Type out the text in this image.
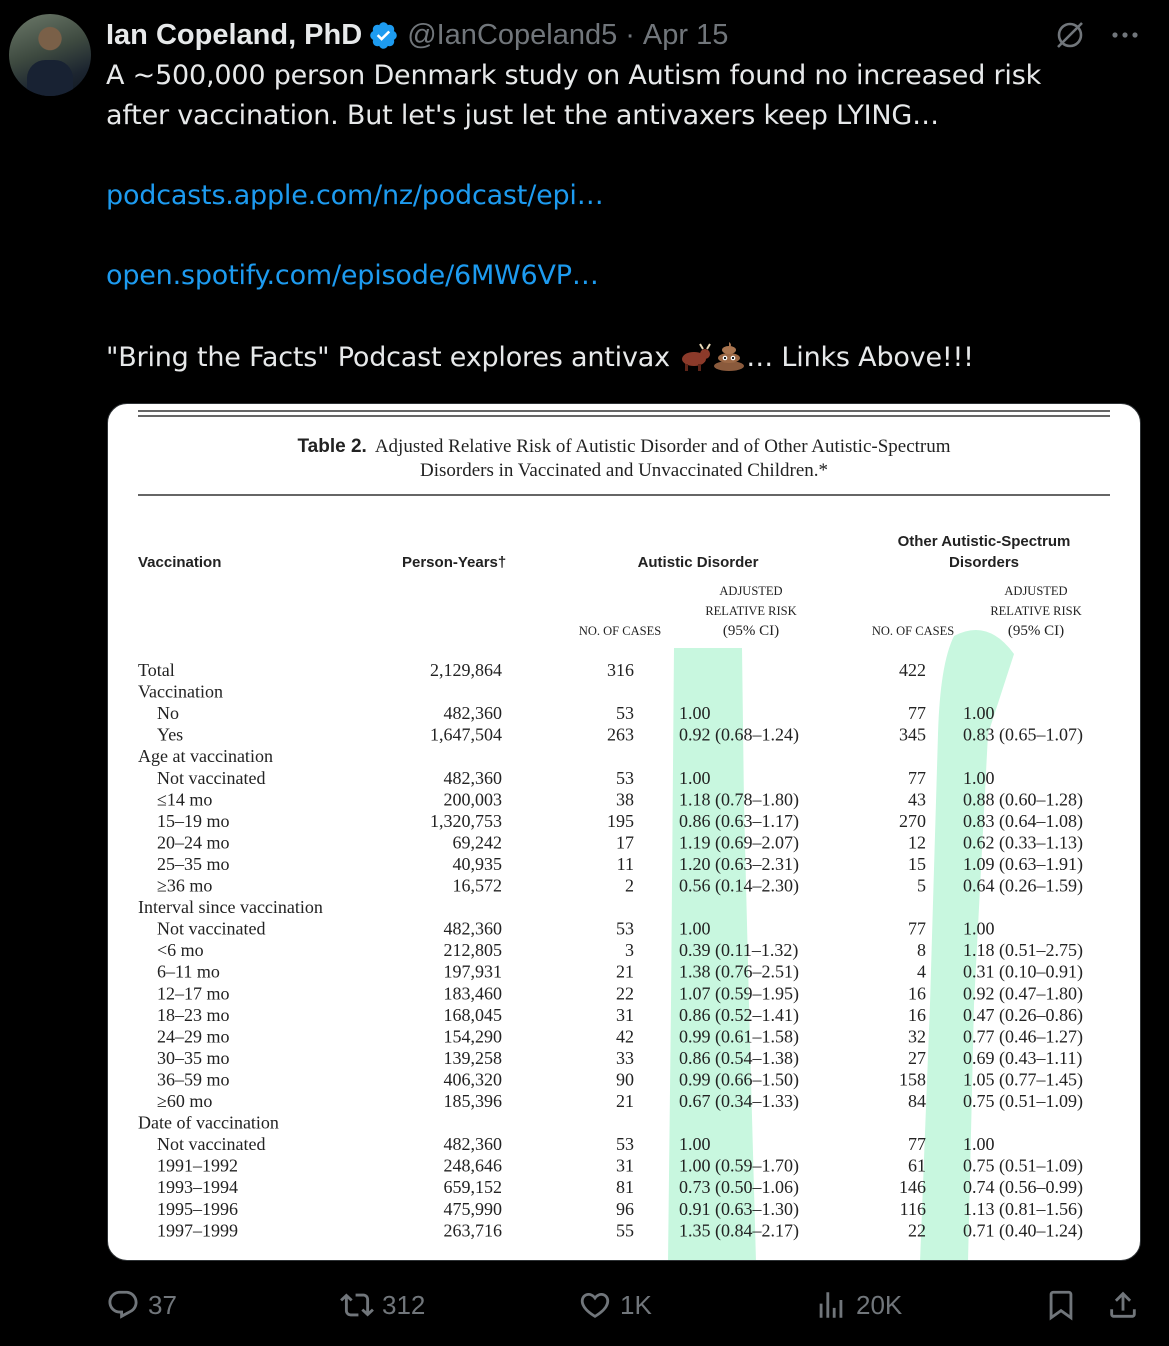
Ian Copeland, PhD @IanCopeland5 · Apr 15
A ~500,000 person Denmark study on Autism found no increased risk
after vaccination. But let's just let the antivaxers keep LYING…
podcasts.apple.com/nz/podcast/epi…
open.spotify.com/episode/6MW6VP…
"Bring the Facts" Podcast explores antivax	… Links Above!!!
Table 2. Adjusted Relative Risk of Autistic Disorder and of Other Autistic-Spectrum
Disorders in Vaccinated and Unvaccinated Children.*
Vaccination	Person-Years†	Autistic Disorder
Other Autistic-Spectrum
Disorders
ADJUSTED
RELATIVE RISK
(95% CI)
NO. OF CASES
ADJUSTED
RELATIVE RISK
(95% CI)
NO. OF CASES
Total	2,129,864	316	422
Vaccination
No	482,360	53	1.00	77 1.00
Yes	1,647,504	263	0.92 (0.68–1.24)	345 0.83 (0.65–1.07)
Age at vaccination
Not vaccinated	482,360	53	1.00	77 1.00
≤14 mo	200,003	38	1.18 (0.78–1.80)	43 0.88 (0.60–1.28)
15–19 mo	1,320,753	195	0.86 (0.63–1.17)	270 0.83 (0.64–1.08)
20–24 mo	69,242	17	1.19 (0.69–2.07)	12 0.62 (0.33–1.13)
25–35 mo	40,935	11	1.20 (0.63–2.31)	15 1.09 (0.63–1.91)
≥36 mo	16,572	2	0.56 (0.14–2.30)	5 0.64 (0.26–1.59)
Interval since vaccination
Not vaccinated	482,360	53	1.00	77 1.00
<6 mo	212,805	3	0.39 (0.11–1.32)	8 1.18 (0.51–2.75)
6–11 mo	197,931	21	1.38 (0.76–2.51)	4 0.31 (0.10–0.91)
12–17 mo	183,460	22	1.07 (0.59–1.95)	16 0.92 (0.47–1.80)
18–23 mo	168,045	31	0.86 (0.52–1.41)	16 0.47 (0.26–0.86)
24–29 mo	154,290	42	0.99 (0.61–1.58)	32 0.77 (0.46–1.27)
30–35 mo	139,258	33	0.86 (0.54–1.38)	27 0.69 (0.43–1.11)
36–59 mo	406,320	90	0.99 (0.66–1.50)	158 1.05 (0.77–1.45)
≥60 mo	185,396	21	0.67 (0.34–1.33)	84 0.75 (0.51–1.09)
Date of vaccination
Not vaccinated	482,360	53	1.00	77 1.00
1991–1992	248,646	31	1.00 (0.59–1.70)	61 0.75 (0.51–1.09)
1993–1994	659,152	81	0.73 (0.50–1.06)	146 0.74 (0.56–0.99)
1995–1996	475,990	96	0.91 (0.63–1.30)	116 1.13 (0.81–1.56)
1997–1999	263,716	55	1.35 (0.84–2.17)	22 0.71 (0.40–1.24)
37	312	1K	20K
